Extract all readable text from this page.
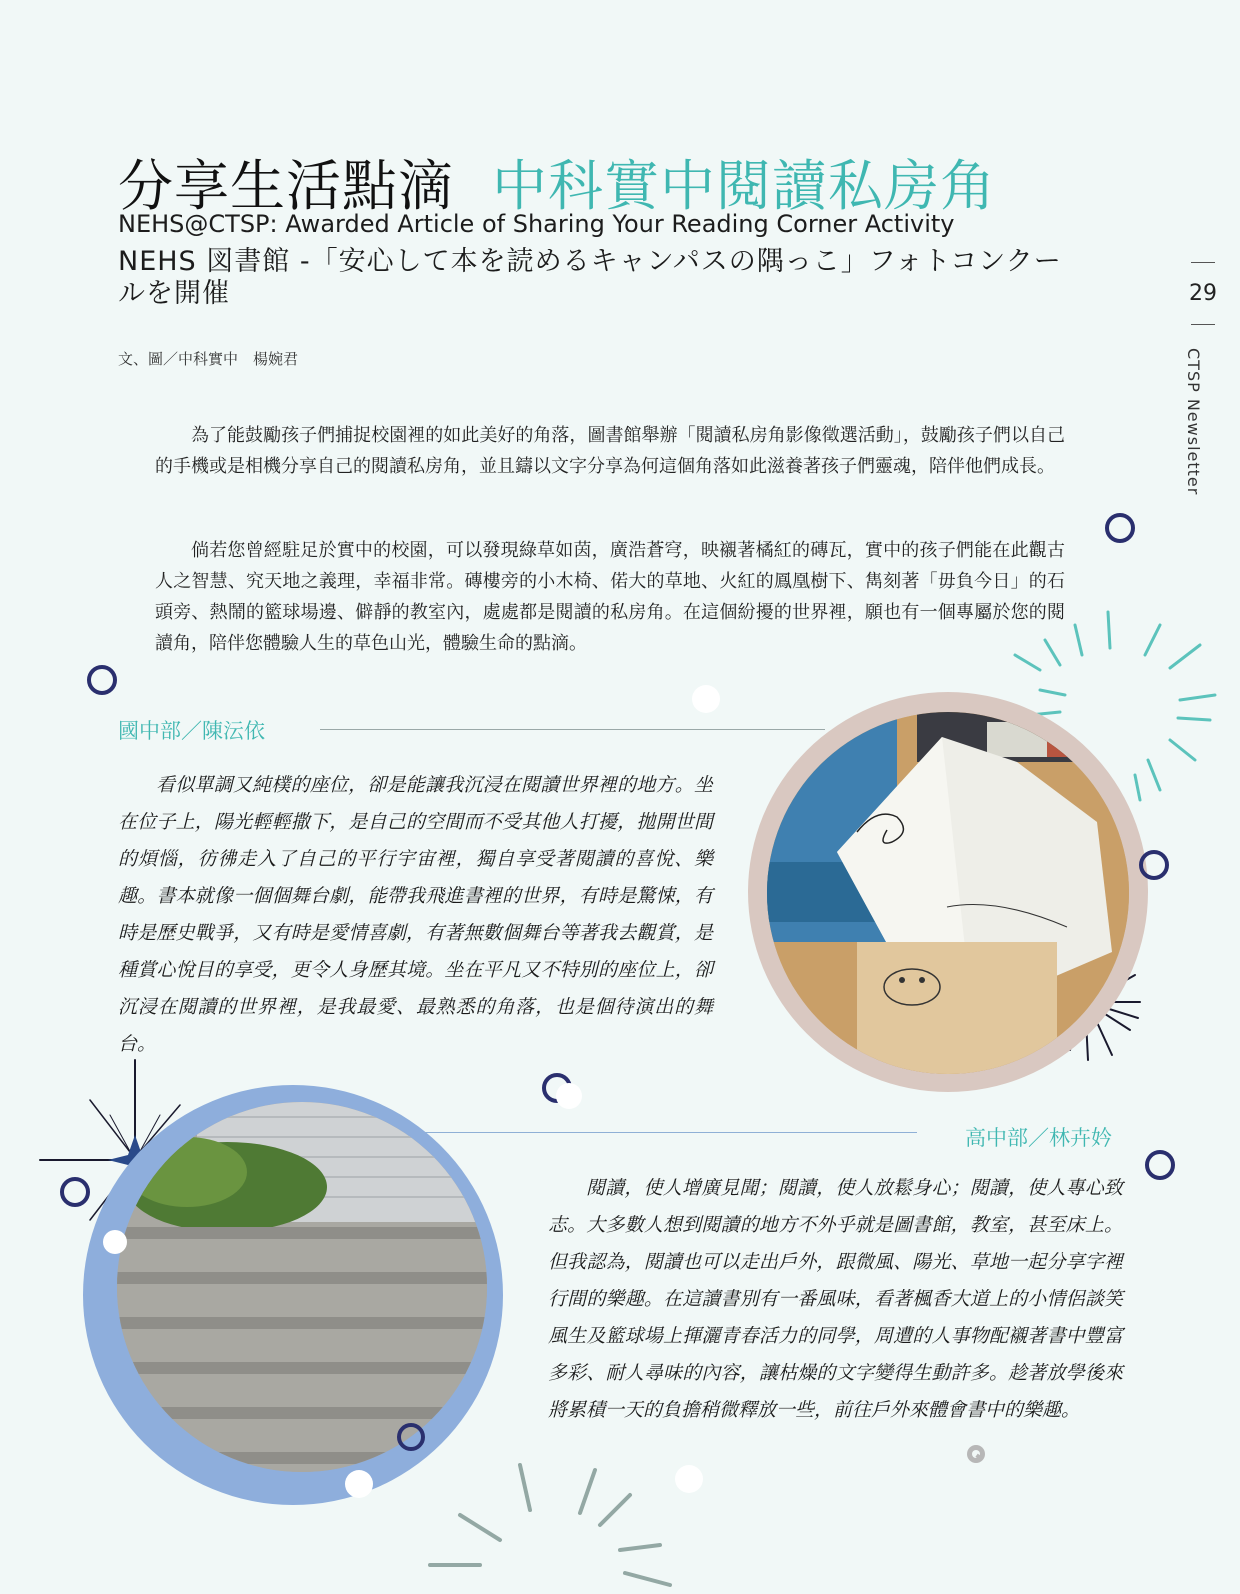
分享生活點滴 中科實中閱讀私房角
NEHS@CTSP: Awarded Article of Sharing Your Reading Corner Activity
NEHS 図書館 -「安心して本を読めるキャンパスの隅っこ」フォトコンクールを開催
文、圖／中科實中　楊婉君
29
CTSP Newsletter

為了能鼓勵孩子們捕捉校園裡的如此美好的角落，圖書館舉辦「閱讀私房角影像徵選活動」，鼓勵孩子們以自己的手機或是相機分享自己的閱讀私房角，並且鑄以文字分享為何這個角落如此滋養著孩子們靈魂，陪伴他們成長。

倘若您曾經駐足於實中的校園，可以發現綠草如茵，廣浩蒼穹，映襯著橘紅的磚瓦，實中的孩子們能在此觀古人之智慧、究天地之義理，幸福非常。磚樓旁的小木椅、偌大的草地、火紅的鳳凰樹下、雋刻著「毋負今日」的石頭旁、熱鬧的籃球場邊、僻靜的教室內，處處都是閱讀的私房角。在這個紛擾的世界裡，願也有一個專屬於您的閱讀角，陪伴您體驗人生的草色山光，體驗生命的點滴。

國中部／陳沄依

看似單調又純樸的座位，卻是能讓我沉浸在閱讀世界裡的地方。坐在位子上，陽光輕輕撒下，是自己的空間而不受其他人打擾，拋開世間的煩惱，彷彿走入了自己的平行宇宙裡，獨自享受著閱讀的喜悅、樂趣。書本就像一個個舞台劇，能帶我飛進書裡的世界，有時是驚悚，有時是歷史戰爭，又有時是愛情喜劇，有著無數個舞台等著我去觀賞，是種賞心悅目的享受，更令人身歷其境。坐在平凡又不特別的座位上，卻沉浸在閱讀的世界裡，是我最愛、最熟悉的角落，也是個待演出的舞台。

高中部／林卉妗

閱讀，使人增廣見聞；閱讀，使人放鬆身心；閱讀，使人專心致志。大多數人想到閱讀的地方不外乎就是圖書館，教室，甚至床上。但我認為，閱讀也可以走出戶外，跟微風、陽光、草地一起分享字裡行間的樂趣。在這讀書別有一番風味，看著楓香大道上的小情侶談笑風生及籃球場上揮灑青春活力的同學，周遭的人事物配襯著書中豐富多彩、耐人尋味的內容，讓枯燥的文字變得生動許多。趁著放學後來將累積一天的負擔稍微釋放一些，前往戶外來體會書中的樂趣。
